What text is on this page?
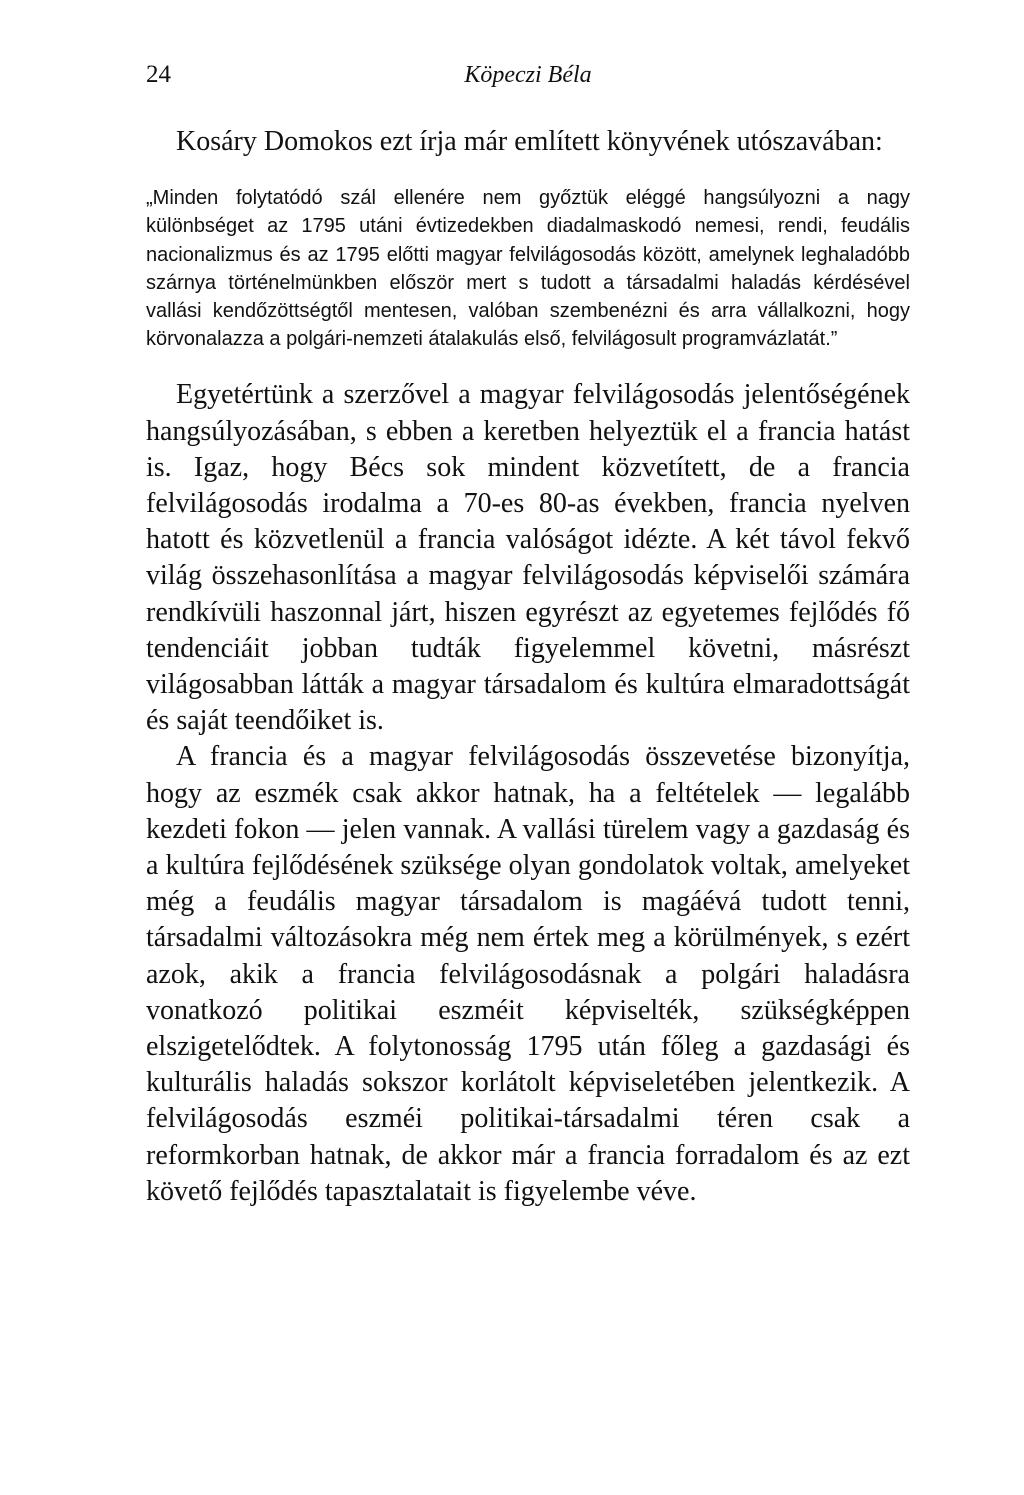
24	Köpeczi Béla

Kosáry Domokos ezt írja már említett könyvének utószavában:

„Minden folytatódó szál ellenére nem győztük eléggé hangsúlyozni a nagy különbséget az 1795 utáni évtizedekben diadalmaskodó nemesi, rendi, feudális nacionalizmus és az 1795 előtti magyar felvilágosodás között, amelynek leghaladóbb szárnya történelmünkben először mert s tudott a társadalmi haladás kérdésével vallási kendőzöttségtől mentesen, valóban szembenézni és arra vállalkozni, hogy körvonalazza a polgári-nemzeti átalakulás első, felvilágosult programvázlatát.”

Egyetértünk a szerzővel a magyar felvilágosodás jelentőségének hangsúlyozásában, s ebben a keretben helyeztük el a francia hatást is. Igaz, hogy Bécs sok mindent közvetített, de a francia felvilágosodás irodalma a 70-es 80-as években, francia nyelven hatott és közvetlenül a francia valóságot idézte. A két távol fekvő világ összehasonlítása a magyar felvilágosodás képviselői számára rendkívüli haszonnal járt, hiszen egyrészt az egyetemes fejlődés fő tendenciáit jobban tudták figyelemmel követni, másrészt világosabban látták a magyar társadalom és kultúra elmaradottságát és saját teendőiket is.

A francia és a magyar felvilágosodás összevetése bizonyítja, hogy az eszmék csak akkor hatnak, ha a feltételek — legalább kezdeti fokon — jelen vannak. A vallási türelem vagy a gazdaság és a kultúra fejlődésének szüksége olyan gondolatok voltak, amelyeket még a feudális magyar társadalom is magáévá tudott tenni, társadalmi változásokra még nem értek meg a körülmények, s ezért azok, akik a francia felvilágosodásnak a polgári haladásra vonatkozó politikai eszméit képviselték, szükségképpen elszigetelődtek. A folytonosság 1795 után főleg a gazdasági és kulturális haladás sokszor korlátolt képviseletében jelentkezik. A felvilágosodás eszméi politikai-társadalmi téren csak a reformkorban hatnak, de akkor már a francia forradalom és az ezt követő fejlődés tapasztalatait is figyelembe véve.
